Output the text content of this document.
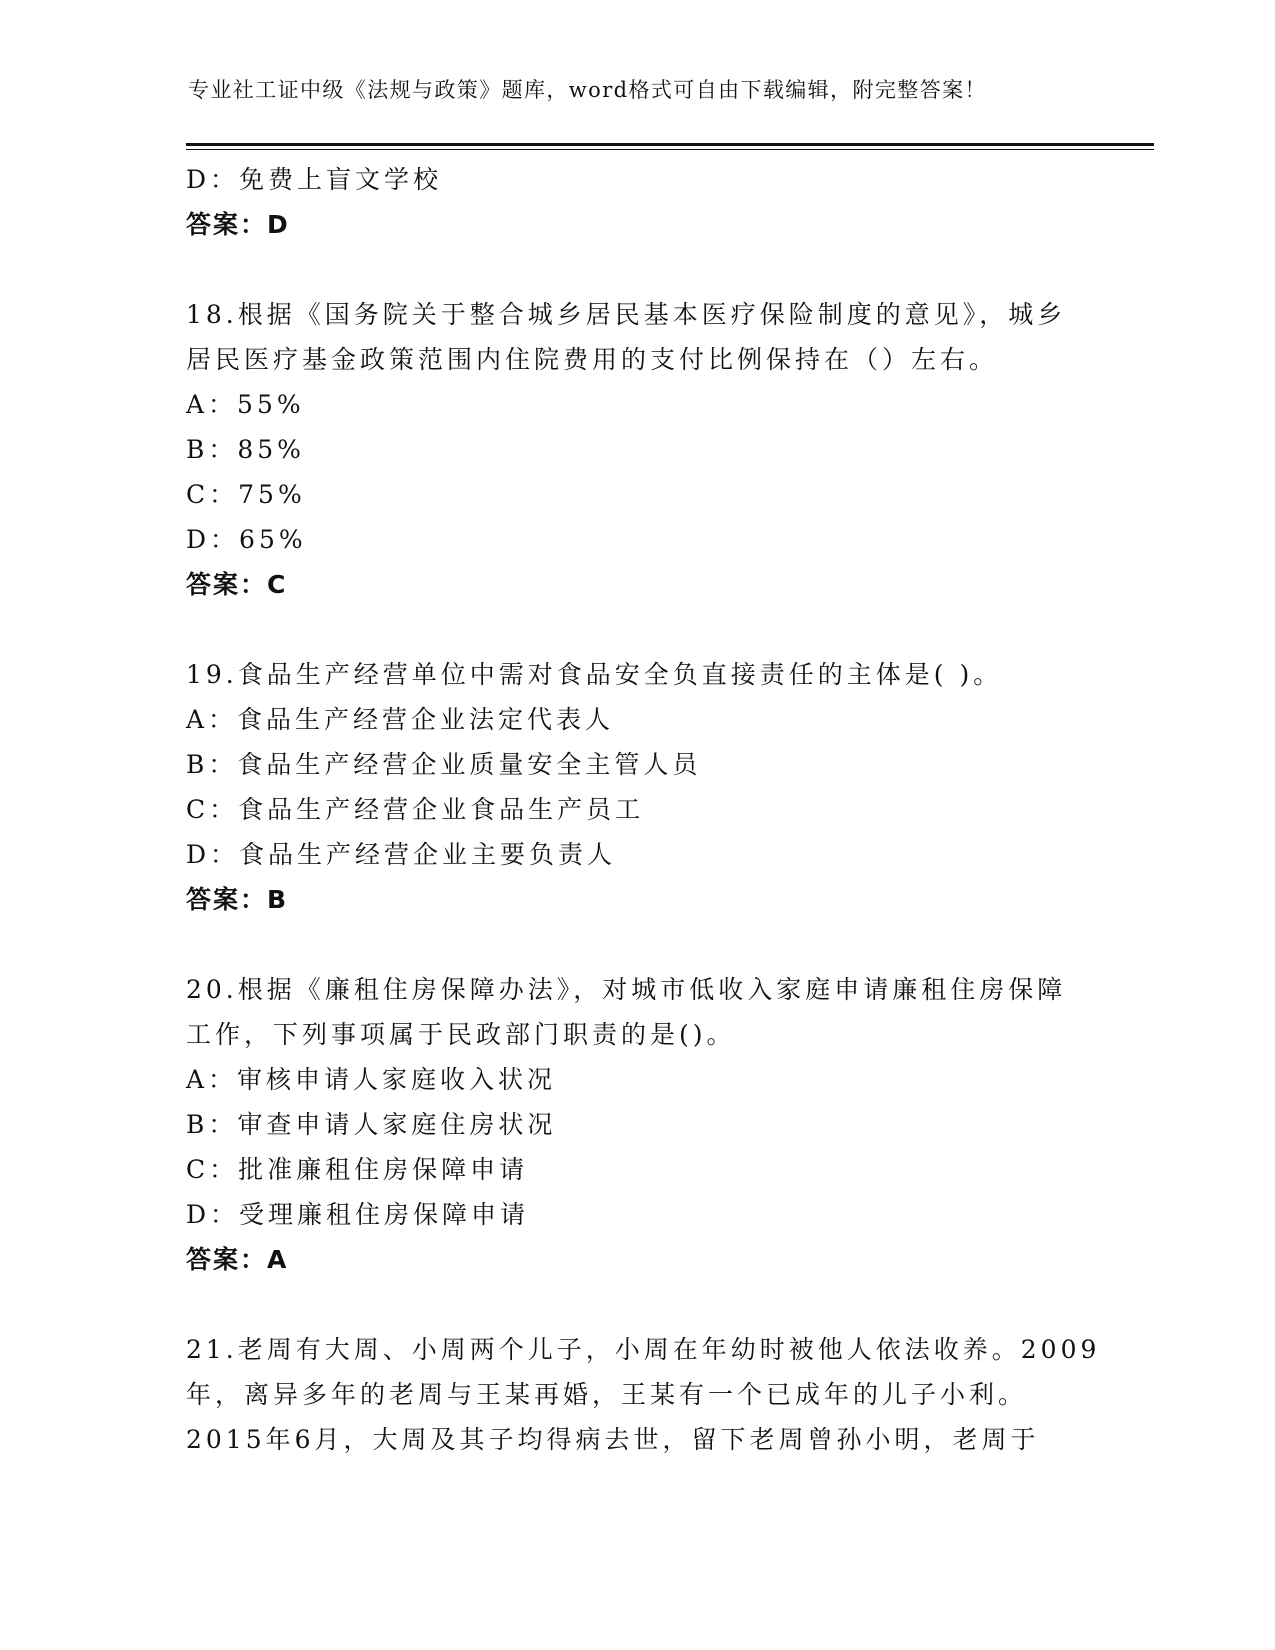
专业社工证中级《法规与政策》题库，word格式可自由下载编辑，附完整答案！
D：免费上盲文学校
答案：D
18.根据《国务院关于整合城乡居民基本医疗保险制度的意见》，城乡
居民医疗基金政策范围内住院费用的支付比例保持在（）左右。
A：55%
B：85%
C：75%
D：65%
答案：C
19.食品生产经营单位中需对食品安全负直接责任的主体是( )。
A：食品生产经营企业法定代表人
B：食品生产经营企业质量安全主管人员
C：食品生产经营企业食品生产员工
D：食品生产经营企业主要负责人
答案：B
20.根据《廉租住房保障办法》，对城市低收入家庭申请廉租住房保障
工作，下列事项属于民政部门职责的是()。
A：审核申请人家庭收入状况
B：审查申请人家庭住房状况
C：批准廉租住房保障申请
D：受理廉租住房保障申请
答案：A
21.老周有大周、小周两个儿子，小周在年幼时被他人依法收养。2009
年，离异多年的老周与王某再婚，王某有一个已成年的儿子小利。
2015年6月，大周及其子均得病去世，留下老周曾孙小明，老周于
